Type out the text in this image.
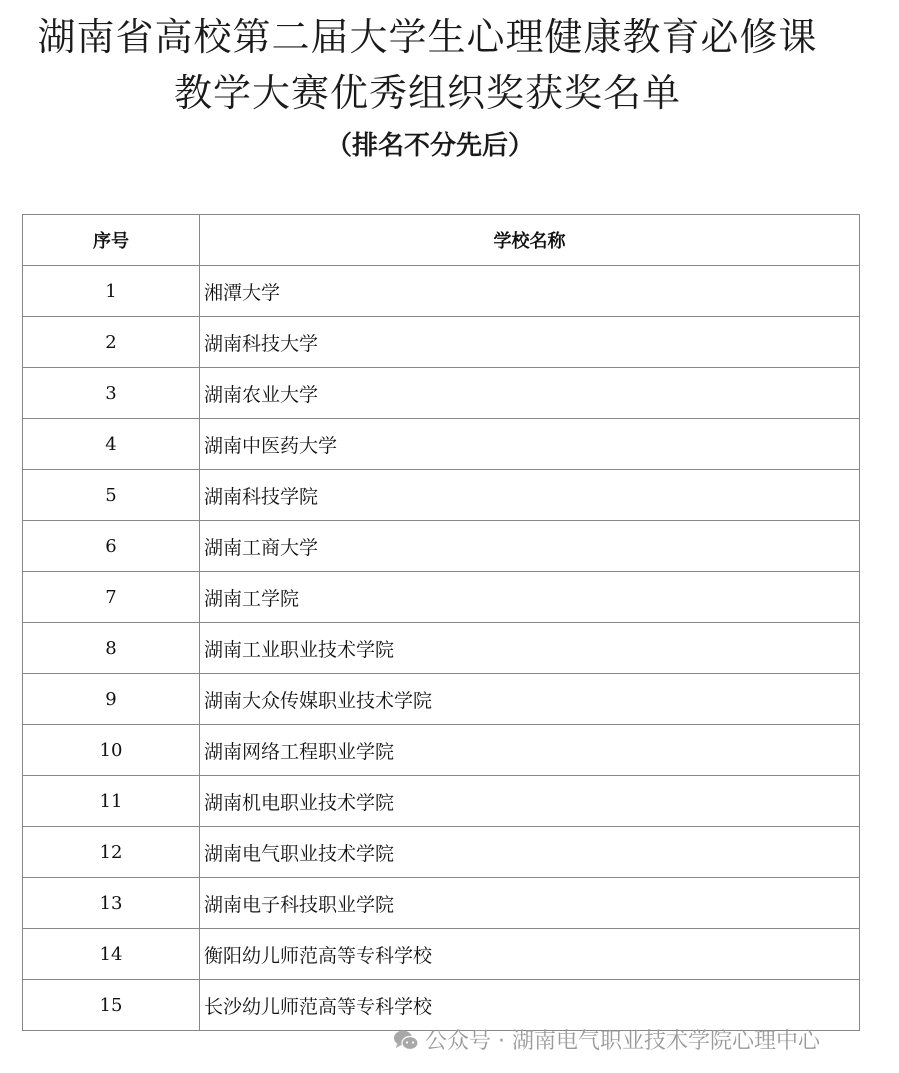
湖南省高校第二届大学生心理健康教育必修课
教学大赛优秀组织奖获奖名单
（排名不分先后）
序号	学校名称
1	湘潭大学
2	湖南科技大学
3	湖南农业大学
4	湖南中医药大学
5	湖南科技学院
6	湖南工商大学
7	湖南工学院
8	湖南工业职业技术学院
9	湖南大众传媒职业技术学院
10	湖南网络工程职业学院
11	湖南机电职业技术学院
12	湖南电气职业技术学院
13	湖南电子科技职业学院
14	衡阳幼儿师范高等专科学校
15	长沙幼儿师范高等专科学校
公众号 · 湖南电气职业技术学院心理中心
